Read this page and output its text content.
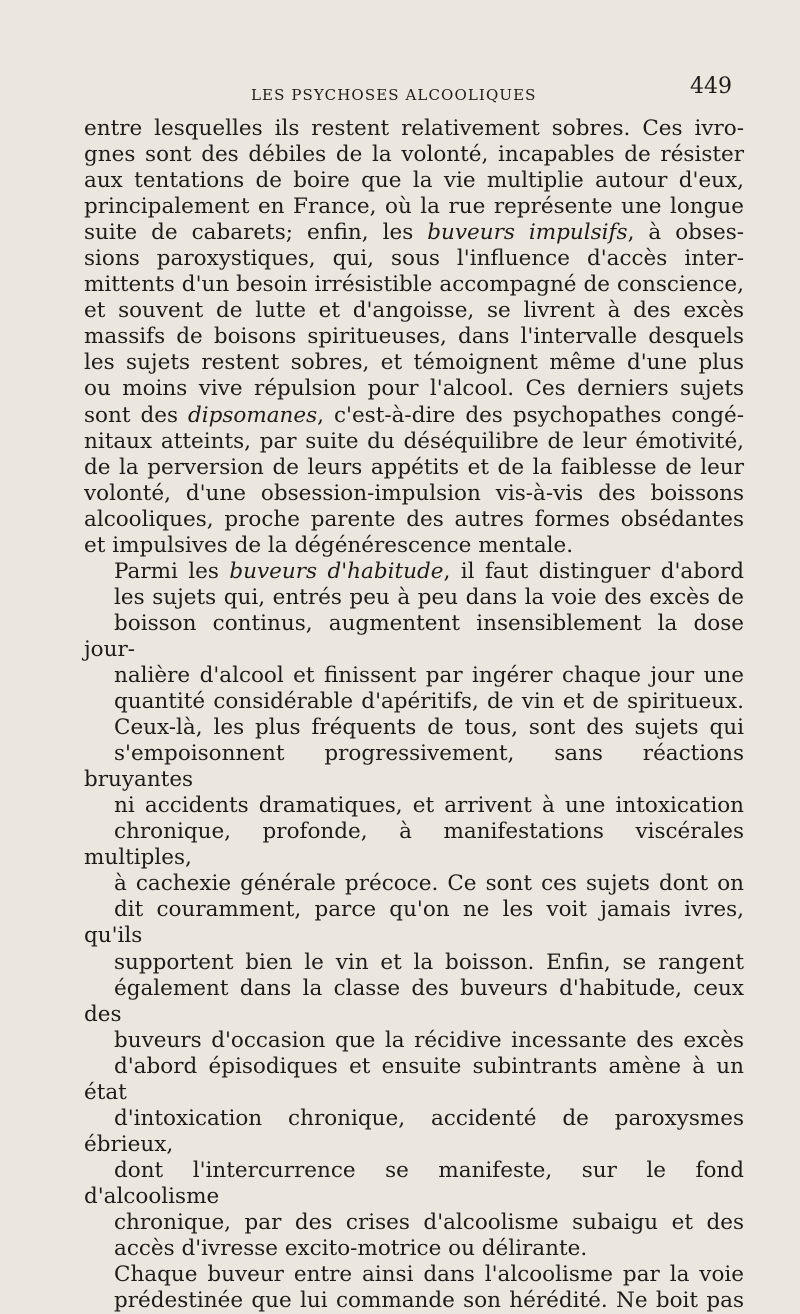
LES PSYCHOSES ALCOOLIQUES	449
entre lesquelles ils restent relativement sobres. Ces ivro-
gnes sont des débiles de la volonté, incapables de résister
aux tentations de boire que la vie multiplie autour d'eux,
principalement en France, où la rue représente une longue
suite de cabarets; enfin, les buveurs impulsifs, à obses-
sions paroxystiques, qui, sous l'influence d'accès inter-
mittents d'un besoin irrésistible accompagné de conscience,
et souvent de lutte et d'angoisse, se livrent à des excès
massifs de boisons spiritueuses, dans l'intervalle desquels
les sujets restent sobres, et témoignent même d'une plus
ou moins vive répulsion pour l'alcool. Ces derniers sujets
sont des dipsomanes, c'est-à-dire des psychopathes congé-
nitaux atteints, par suite du déséquilibre de leur émotivité,
de la perversion de leurs appétits et de la faiblesse de leur
volonté, d'une obsession-impulsion vis-à-vis des boissons
alcooliques, proche parente des autres formes obsédantes
et impulsives de la dégénérescence mentale.
Parmi les buveurs d'habitude, il faut distinguer d'abord
les sujets qui, entrés peu à peu dans la voie des excès de
boisson continus, augmentent insensiblement la dose jour-
nalière d'alcool et finissent par ingérer chaque jour une
quantité considérable d'apéritifs, de vin et de spiritueux.
Ceux-là, les plus fréquents de tous, sont des sujets qui
s'empoisonnent progressivement, sans réactions bruyantes
ni accidents dramatiques, et arrivent à une intoxication
chronique, profonde, à manifestations viscérales multiples,
à cachexie générale précoce. Ce sont ces sujets dont on
dit couramment, parce qu'on ne les voit jamais ivres, qu'ils
supportent bien le vin et la boisson. Enfin, se rangent
également dans la classe des buveurs d'habitude, ceux des
buveurs d'occasion que la récidive incessante des excès
d'abord épisodiques et ensuite subintrants amène à un état
d'intoxication chronique, accidenté de paroxysmes ébrieux,
dont l'intercurrence se manifeste, sur le fond d'alcoolisme
chronique, par des crises d'alcoolisme subaigu et des
accès d'ivresse excito-motrice ou délirante.
Chaque buveur entre ainsi dans l'alcoolisme par la voie
prédestinée que lui commande son hérédité. Ne boit pas
